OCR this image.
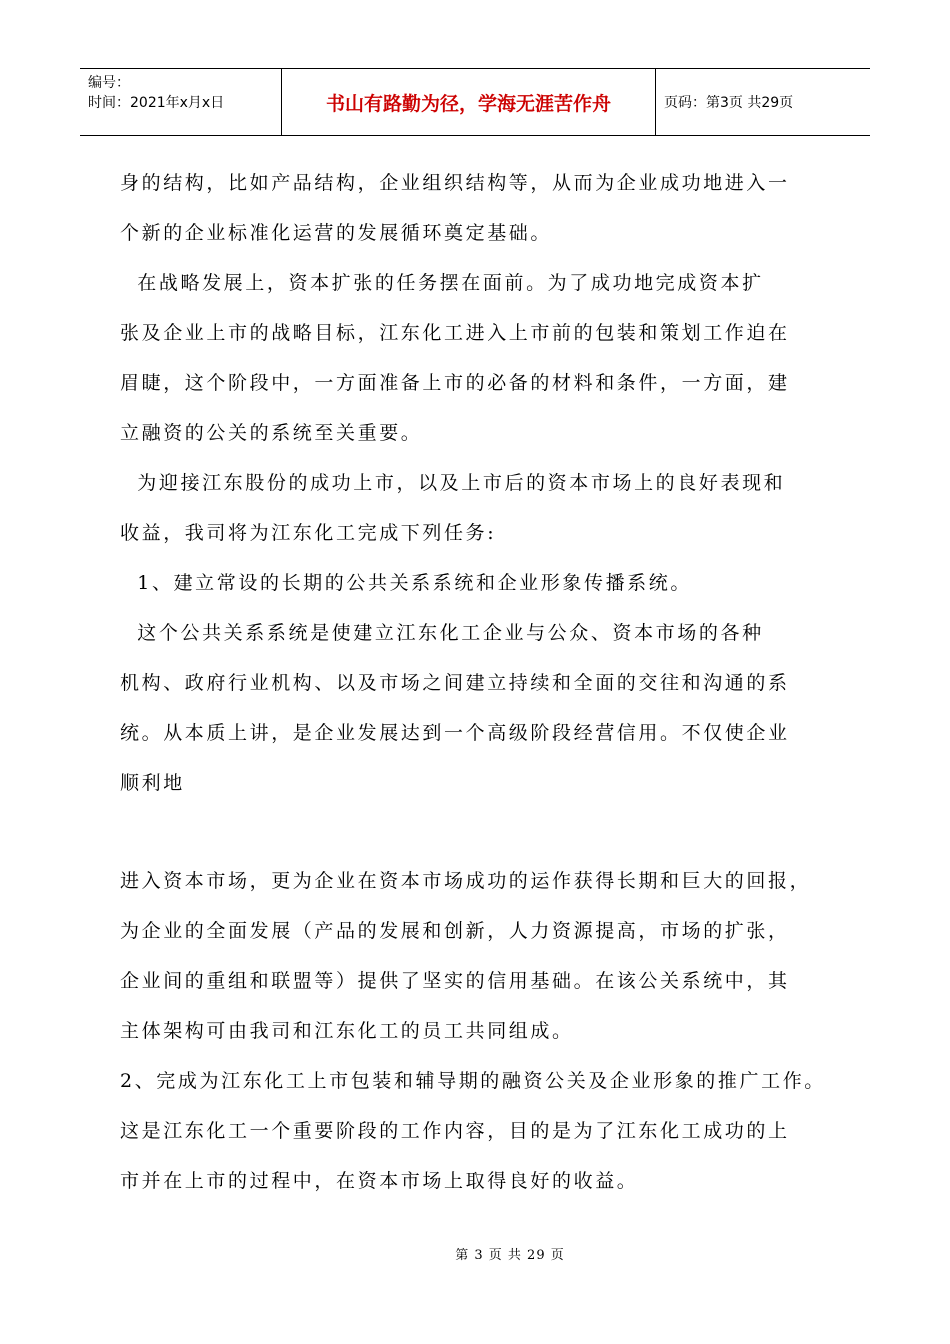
编号：
时间：2021年x月x日	书山有路勤为径，学海无涯苦作舟	页码：第3页 共29页
身的结构，比如产品结构，企业组织结构等，从而为企业成功地进入一
个新的企业标准化运营的发展循环奠定基础。
在战略发展上，资本扩张的任务摆在面前。为了成功地完成资本扩
张及企业上市的战略目标，江东化工进入上市前的包装和策划工作迫在
眉睫，这个阶段中，一方面准备上市的必备的材料和条件，一方面，建
立融资的公关的系统至关重要。
为迎接江东股份的成功上市，以及上市后的资本市场上的良好表现和
收益，我司将为江东化工完成下列任务:
1、建立常设的长期的公共关系系统和企业形象传播系统。
这个公共关系系统是使建立江东化工企业与公众、资本市场的各种
机构、政府行业机构、以及市场之间建立持续和全面的交往和沟通的系
统。从本质上讲，是企业发展达到一个高级阶段经营信用。不仅使企业
顺利地
进入资本市场，更为企业在资本市场成功的运作获得长期和巨大的回报，
为企业的全面发展（产品的发展和创新，人力资源提高，市场的扩张，
企业间的重组和联盟等）提供了坚实的信用基础。在该公关系统中，其
主体架构可由我司和江东化工的员工共同组成。
2、完成为江东化工上市包装和辅导期的融资公关及企业形象的推广工作。
这是江东化工一个重要阶段的工作内容，目的是为了江东化工成功的上
市并在上市的过程中，在资本市场上取得良好的收益。
第 3 页 共 29 页
